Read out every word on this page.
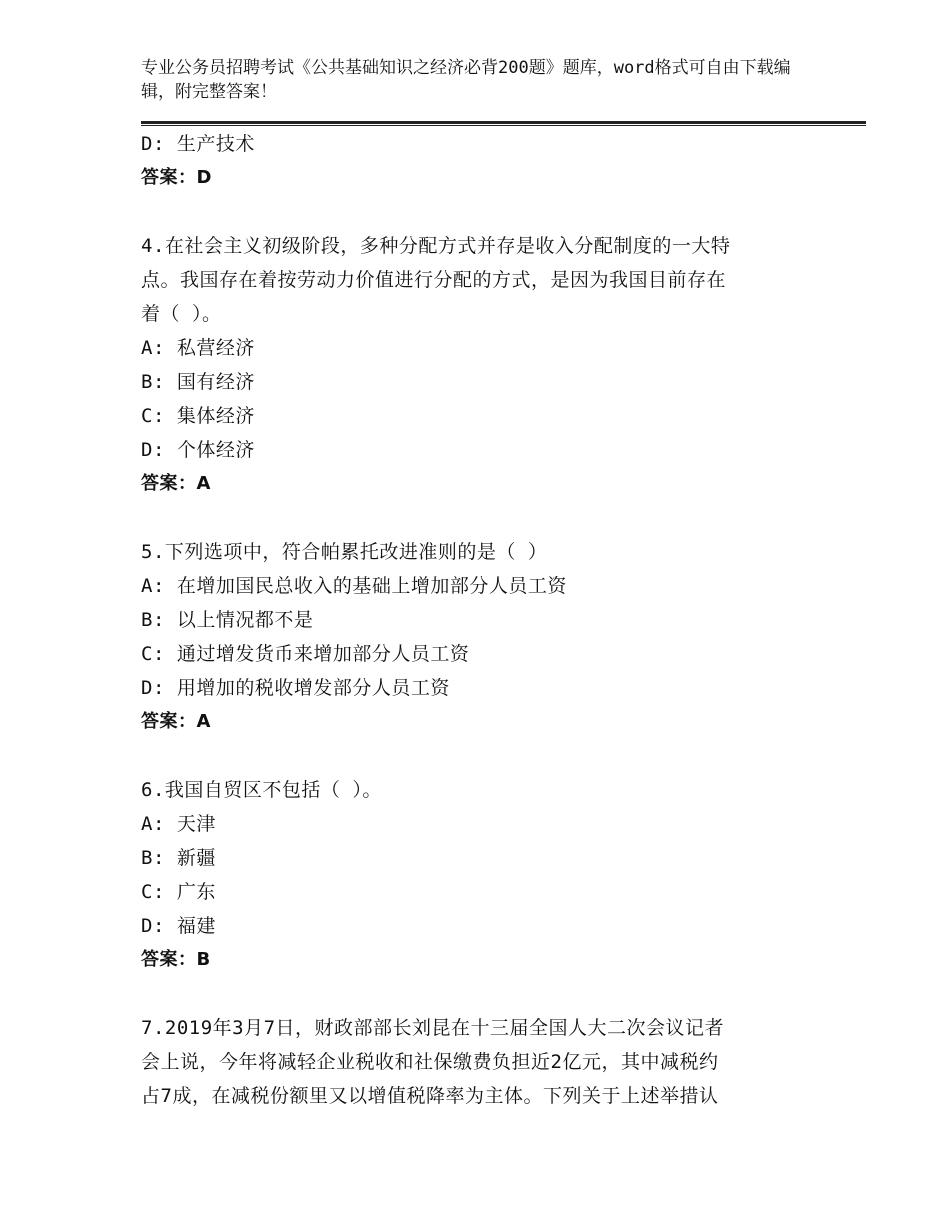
专业公务员招聘考试《公共基础知识之经济必背200题》题库，word格式可自由下载编辑，附完整答案！
D: 生产技术
答案：D
4.在社会主义初级阶段，多种分配方式并存是收入分配制度的一大特
点。我国存在着按劳动力价值进行分配的方式，是因为我国目前存在
着（ ）。
A: 私营经济
B: 国有经济
C: 集体经济
D: 个体经济
答案：A
5.下列选项中，符合帕累托改进准则的是（ ）
A: 在增加国民总收入的基础上增加部分人员工资
B: 以上情况都不是
C: 通过增发货币来增加部分人员工资
D: 用增加的税收增发部分人员工资
答案：A
6.我国自贸区不包括（ ）。
A: 天津
B: 新疆
C: 广东
D: 福建
答案：B
7.2019年3月7日，财政部部长刘昆在十三届全国人大二次会议记者
会上说，今年将减轻企业税收和社保缴费负担近2亿元，其中减税约
占7成，在减税份额里又以增值税降率为主体。下列关于上述举措认
